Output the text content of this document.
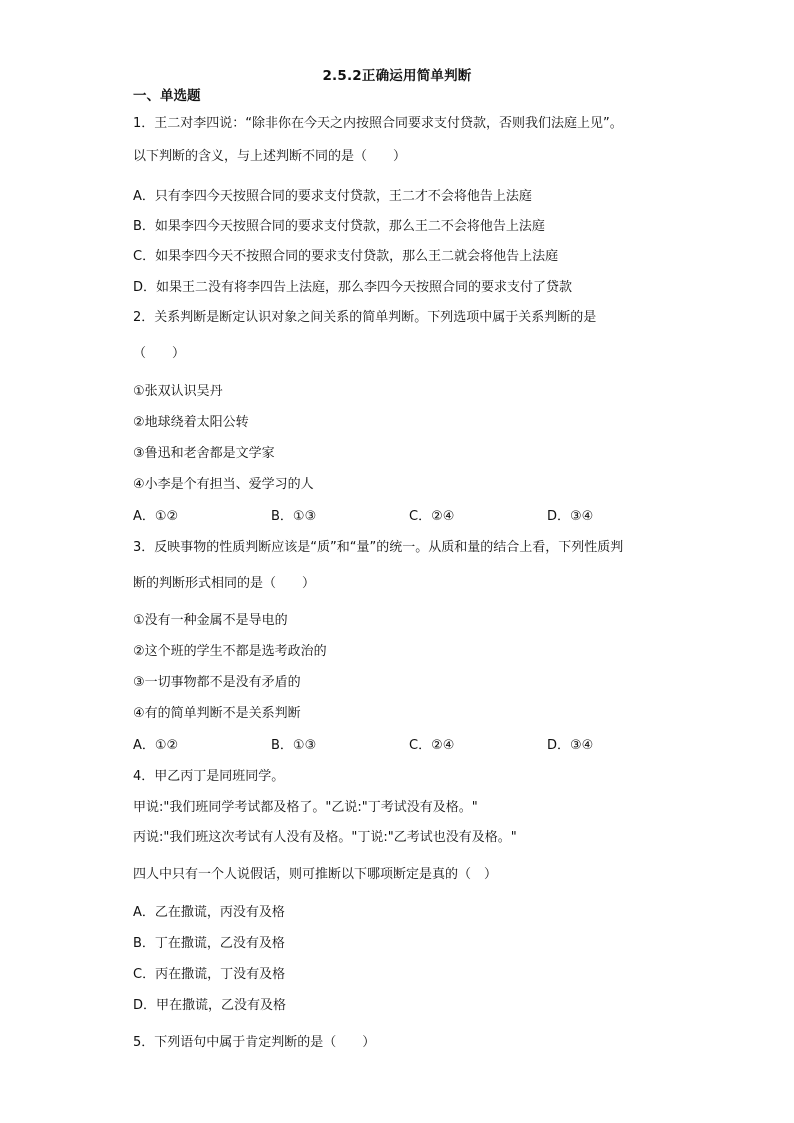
2.5.2正确运用简单判断
一、单选题
1．王二对李四说：“除非你在今天之内按照合同要求支付贷款，否则我们法庭上见”。
以下判断的含义，与上述判断不同的是（　　）
A．只有李四今天按照合同的要求支付贷款，王二才不会将他告上法庭
B．如果李四今天按照合同的要求支付贷款，那么王二不会将他告上法庭
C．如果李四今天不按照合同的要求支付贷款，那么王二就会将他告上法庭
D．如果王二没有将李四告上法庭，那么李四今天按照合同的要求支付了贷款
2．关系判断是断定认识对象之间关系的简单判断。下列选项中属于关系判断的是
（　　）
①张双认识吴丹
②地球绕着太阳公转
③鲁迅和老舍都是文学家
④小李是个有担当、爱学习的人
A．①②	B．①③	C．②④	D．③④
3．反映事物的性质判断应该是“质”和“量”的统一。从质和量的结合上看，下列性质判
断的判断形式相同的是（　　）
①没有一种金属不是导电的
②这个班的学生不都是选考政治的
③一切事物都不是没有矛盾的
④有的简单判断不是关系判断
A．①②	B．①③	C．②④	D．③④
4．甲乙丙丁是同班同学。
甲说:"我们班同学考试都及格了。"乙说:"丁考试没有及格。"
丙说:"我们班这次考试有人没有及格。"丁说:"乙考试也没有及格。"
四人中只有一个人说假话，则可推断以下哪项断定是真的（　）
A．乙在撒谎，丙没有及格
B．丁在撒谎，乙没有及格
C．丙在撒谎，丁没有及格
D．甲在撒谎，乙没有及格
5．下列语句中属于肯定判断的是（　　）
